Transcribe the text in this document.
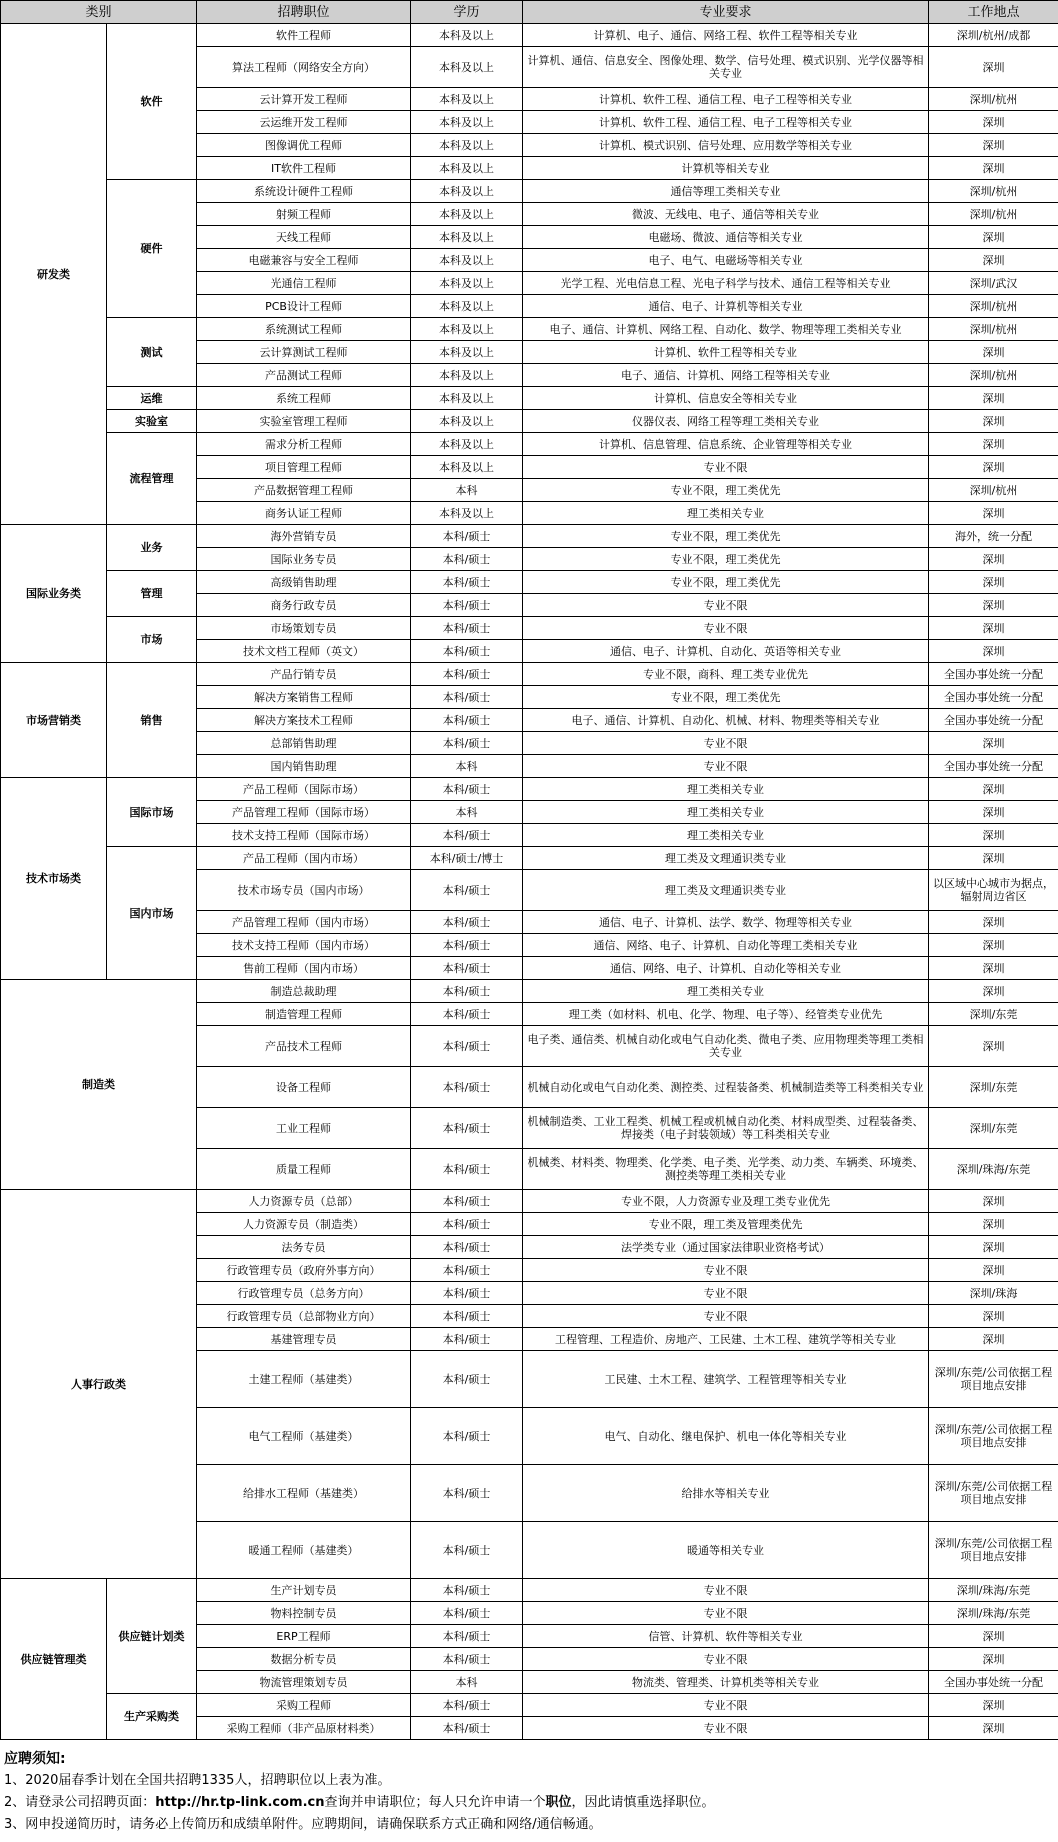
类别		招聘职位	学历	专业要求	工作地点
研发类	软件	软件工程师	本科及以上	计算机、电子、通信、网络工程、软件工程等相关专业	深圳/杭州/成都
		算法工程师（网络安全方向）	本科及以上	计算机、通信、信息安全、图像处理、数学、信号处理、模式识别、光学仪器等相关专业	深圳
		云计算开发工程师	本科及以上	计算机、软件工程、通信工程、电子工程等相关专业	深圳/杭州
		云运维开发工程师	本科及以上	计算机、软件工程、通信工程、电子工程等相关专业	深圳
		图像调优工程师	本科及以上	计算机、模式识别、信号处理、应用数学等相关专业	深圳
		IT软件工程师	本科及以上	计算机等相关专业	深圳
	硬件	系统设计硬件工程师	本科及以上	通信等理工类相关专业	深圳/杭州
		射频工程师	本科及以上	微波、无线电、电子、通信等相关专业	深圳/杭州
		天线工程师	本科及以上	电磁场、微波、通信等相关专业	深圳
		电磁兼容与安全工程师	本科及以上	电子、电气、电磁场等相关专业	深圳
		光通信工程师	本科及以上	光学工程、光电信息工程、光电子科学与技术、通信工程等相关专业	深圳/武汉
		PCB设计工程师	本科及以上	通信、电子、计算机等相关专业	深圳/杭州
	测试	系统测试工程师	本科及以上	电子、通信、计算机、网络工程、自动化、数学、物理等理工类相关专业	深圳/杭州
		云计算测试工程师	本科及以上	计算机、软件工程等相关专业	深圳
		产品测试工程师	本科及以上	电子、通信、计算机、网络工程等相关专业	深圳/杭州
	运维	系统工程师	本科及以上	计算机、信息安全等相关专业	深圳
	实验室	实验室管理工程师	本科及以上	仪器仪表、网络工程等理工类相关专业	深圳
	流程管理	需求分析工程师	本科及以上	计算机、信息管理、信息系统、企业管理等相关专业	深圳
		项目管理工程师	本科及以上	专业不限	深圳
		产品数据管理工程师	本科	专业不限，理工类优先	深圳/杭州
		商务认证工程师	本科及以上	理工类相关专业	深圳
国际业务类	业务	海外营销专员	本科/硕士	专业不限，理工类优先	海外，统一分配
		国际业务专员	本科/硕士	专业不限，理工类优先	深圳
	管理	高级销售助理	本科/硕士	专业不限，理工类优先	深圳
		商务行政专员	本科/硕士	专业不限	深圳
	市场	市场策划专员	本科/硕士	专业不限	深圳
		技术文档工程师（英文）	本科/硕士	通信、电子、计算机、自动化、英语等相关专业	深圳
市场营销类	销售	产品行销专员	本科/硕士	专业不限，商科、理工类专业优先	全国办事处统一分配
		解决方案销售工程师	本科/硕士	专业不限，理工类优先	全国办事处统一分配
		解决方案技术工程师	本科/硕士	电子、通信、计算机、自动化、机械、材料、物理类等相关专业	全国办事处统一分配
		总部销售助理	本科/硕士	专业不限	深圳
		国内销售助理	本科	专业不限	全国办事处统一分配
技术市场类	国际市场	产品工程师（国际市场）	本科/硕士	理工类相关专业	深圳
		产品管理工程师（国际市场）	本科	理工类相关专业	深圳
		技术支持工程师（国际市场）	本科/硕士	理工类相关专业	深圳
	国内市场	产品工程师（国内市场）	本科/硕士/博士	理工类及文理通识类专业	深圳
		技术市场专员（国内市场）	本科/硕士	理工类及文理通识类专业	以区域中心城市为据点，辐射周边省区
		产品管理工程师（国内市场）	本科/硕士	通信、电子、计算机、法学、数学、物理等相关专业	深圳
		技术支持工程师（国内市场）	本科/硕士	通信、网络、电子、计算机、自动化等理工类相关专业	深圳
		售前工程师（国内市场）	本科/硕士	通信、网络、电子、计算机、自动化等相关专业	深圳
制造类		制造总裁助理	本科/硕士	理工类相关专业	深圳
		制造管理工程师	本科/硕士	理工类（如材料、机电、化学、物理、电子等）、经管类专业优先	深圳/东莞
		产品技术工程师	本科/硕士	电子类、通信类、机械自动化或电气自动化类、微电子类、应用物理类等理工类相关专业	深圳
		设备工程师	本科/硕士	机械自动化或电气自动化类、测控类、过程装备类、机械制造类等工科类相关专业	深圳/东莞
		工业工程师	本科/硕士	机械制造类、工业工程类、机械工程或机械自动化类、材料成型类、过程装备类、焊接类（电子封装领域）等工科类相关专业	深圳/东莞
		质量工程师	本科/硕士	机械类、材料类、物理类、化学类、电子类、光学类、动力类、车辆类、环境类、测控类等理工类相关专业	深圳/珠海/东莞
人事行政类		人力资源专员（总部）	本科/硕士	专业不限，人力资源专业及理工类专业优先	深圳
		人力资源专员（制造类）	本科/硕士	专业不限，理工类及管理类优先	深圳
		法务专员	本科/硕士	法学类专业（通过国家法律职业资格考试）	深圳
		行政管理专员（政府外事方向）	本科/硕士	专业不限	深圳
		行政管理专员（总务方向）	本科/硕士	专业不限	深圳/珠海
		行政管理专员（总部物业方向）	本科/硕士	专业不限	深圳
		基建管理专员	本科/硕士	工程管理、工程造价、房地产、工民建、土木工程、建筑学等相关专业	深圳
		土建工程师（基建类）	本科/硕士	工民建、土木工程、建筑学、工程管理等相关专业	深圳/东莞/公司依据工程项目地点安排
		电气工程师（基建类）	本科/硕士	电气、自动化、继电保护、机电一体化等相关专业	深圳/东莞/公司依据工程项目地点安排
		给排水工程师（基建类）	本科/硕士	给排水等相关专业	深圳/东莞/公司依据工程项目地点安排
		暖通工程师（基建类）	本科/硕士	暖通等相关专业	深圳/东莞/公司依据工程项目地点安排
供应链管理类	供应链计划类	生产计划专员	本科/硕士	专业不限	深圳/珠海/东莞
		物料控制专员	本科/硕士	专业不限	深圳/珠海/东莞
		ERP工程师	本科/硕士	信管、计算机、软件等相关专业	深圳
		数据分析专员	本科/硕士	专业不限	深圳
		物流管理策划专员	本科	物流类、管理类、计算机类等相关专业	全国办事处统一分配
	生产采购类	采购工程师	本科/硕士	专业不限	深圳
		采购工程师（非产品原材料类）	本科/硕士	专业不限	深圳
应聘须知:
1、2020届春季计划在全国共招聘1335人，招聘职位以上表为准。
2、请登录公司招聘页面：http://hr.tp-link.com.cn查询并申请职位；每人只允许申请一个职位，因此请慎重选择职位。
3、网申投递简历时，请务必上传简历和成绩单附件。应聘期间，请确保联系方式正确和网络/通信畅通。
